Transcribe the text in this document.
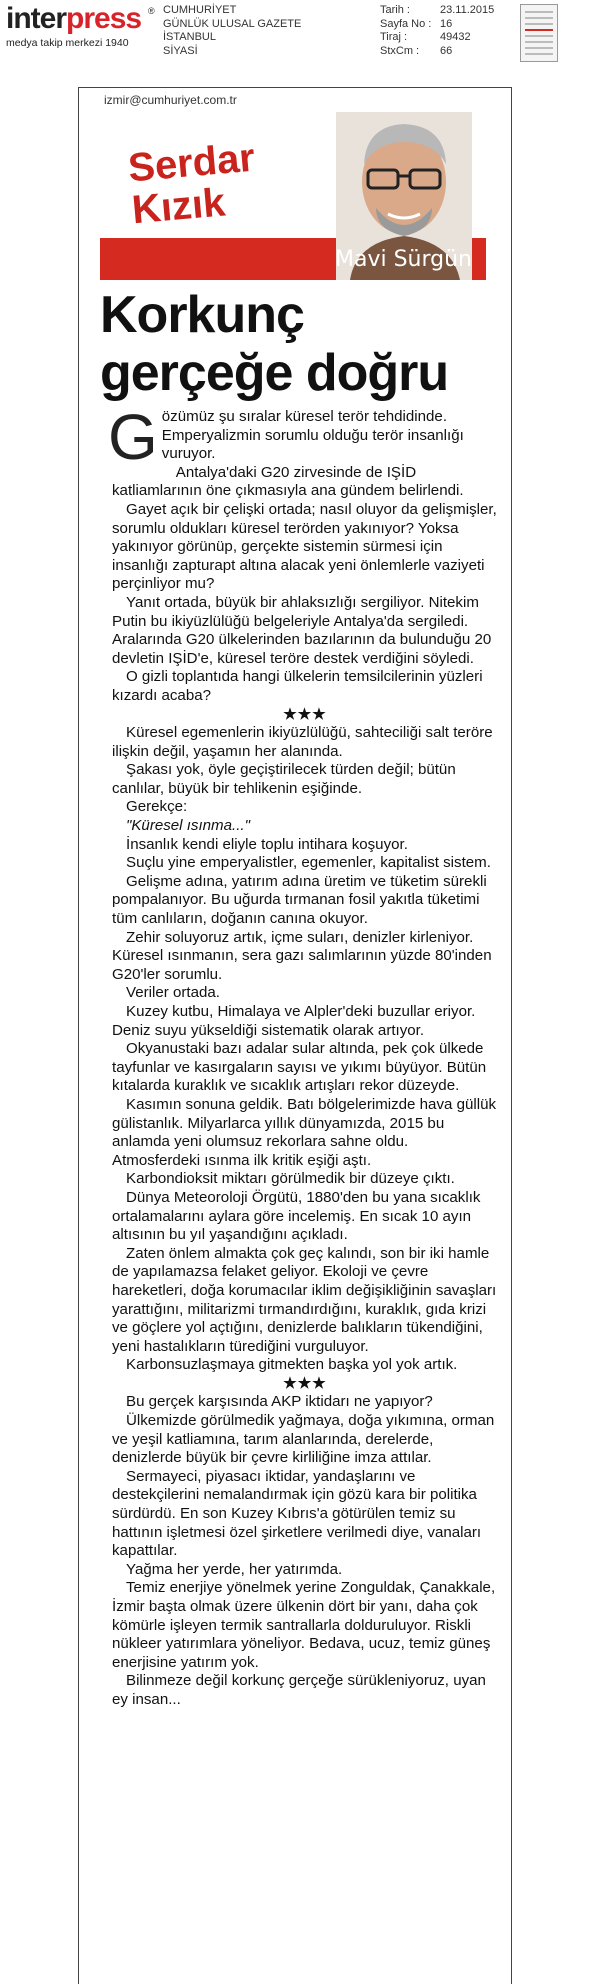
interpress ®
medya takip merkezi 1940
CUMHURİYET
GÜNLÜK ULUSAL GAZETE
İSTANBUL
SİYASİ
Tarih :	23.11.2015
Sayfa No : 16
Tiraj :	49432
StxCm :	66
izmir@cumhuriyet.com.tr
Serdar
Kızık
Mavi Sürgün
Korkunç
gerçeğe doğru

Gözümüz şu sıralar küresel terör tehdidinde. Emperyalizmin sorumlu olduğu terör insanlığı vuruyor.

Antalya'daki G20 zirvesinde de IŞİD katliamlarının öne çıkmasıyla ana gündem belirlendi.

Gayet açık bir çelişki ortada; nasıl oluyor da gelişmişler, sorumlu oldukları küresel terörden yakınıyor? Yoksa yakınıyor görünüp, gerçekte sistemin sürmesi için insanlığı zapturapt altına alacak yeni önlemlerle vaziyeti perçinliyor mu?

Yanıt ortada, büyük bir ahlaksızlığı sergiliyor. Nitekim Putin bu ikiyüzlülüğü belgeleriyle Antalya'da sergiledi. Aralarında G20 ülkelerinden bazılarının da bulunduğu 20 devletin IŞİD'e, küresel teröre destek verdiğini söyledi.

O gizli toplantıda hangi ülkelerin temsilcilerinin yüzleri kızardı acaba?

★★★

Küresel egemenlerin ikiyüzlülüğü, sahteciliği salt teröre ilişkin değil, yaşamın her alanında.

Şakası yok, öyle geçiştirilecek türden değil; bütün canlılar, büyük bir tehlikenin eşiğinde.

Gerekçe:

"Küresel ısınma..."

İnsanlık kendi eliyle toplu intihara koşuyor.

Suçlu yine emperyalistler, egemenler, kapitalist sistem.

Gelişme adına, yatırım adına üretim ve tüketim sürekli pompalanıyor. Bu uğurda tırmanan fosil yakıtla tüketimi tüm canlıların, doğanın canına okuyor.

Zehir soluyoruz artık, içme suları, denizler kirleniyor. Küresel ısınmanın, sera gazı salımlarının yüzde 80'inden G20'ler sorumlu.

Veriler ortada.

Kuzey kutbu, Himalaya ve Alpler'deki buzullar eriyor. Deniz suyu yükseldiği sistematik olarak artıyor.

Okyanustaki bazı adalar sular altında, pek çok ülkede tayfunlar ve kasırgaların sayısı ve yıkımı büyüyor. Bütün kıtalarda kuraklık ve sıcaklık artışları rekor düzeyde.

Kasımın sonuna geldik. Batı bölgelerimizde hava güllük gülistanlık. Milyarlarca yıllık dünyamızda, 2015 bu anlamda yeni olumsuz rekorlara sahne oldu. Atmosferdeki ısınma ilk kritik eşiği aştı.

Karbondioksit miktarı görülmedik bir düzeye çıktı.

Dünya Meteoroloji Örgütü, 1880'den bu yana sıcaklık ortalamalarını aylara göre incelemiş. En sıcak 10 ayın altısının bu yıl yaşandığını açıkladı.

Zaten önlem almakta çok geç kalındı, son bir iki hamle de yapılamazsa felaket geliyor. Ekoloji ve çevre hareketleri, doğa korumacılar iklim değişikliğinin savaşları yarattığını, militarizmi tırmandırdığını, kuraklık, gıda krizi ve göçlere yol açtığını, denizlerde balıkların tükendiğini, yeni hastalıkların türediğini vurguluyor.

Karbonsuzlaşmaya gitmekten başka yol yok artık.

★★★

Bu gerçek karşısında AKP iktidarı ne yapıyor?

Ülkemizde görülmedik yağmaya, doğa yıkımına, orman ve yeşil katliamına, tarım alanlarında, derelerde, denizlerde büyük bir çevre kirliliğine imza attılar.

Sermayeci, piyasacı iktidar, yandaşlarını ve destekçilerini nemalandırmak için gözü kara bir politika sürdürdü. En son Kuzey Kıbrıs'a götürülen temiz su hattının işletmesi özel şirketlere verilmedi diye, vanaları kapattılar.

Yağma her yerde, her yatırımda.

Temiz enerjiye yönelmek yerine Zonguldak, Çanakkale, İzmir başta olmak üzere ülkenin dört bir yanı, daha çok kömürle işleyen termik santrallarla dolduruluyor. Riskli nükleer yatırımlara yöneliyor. Bedava, ucuz, temiz güneş enerjisine yatırım yok.

Bilinmeze değil korkunç gerçeğe sürükleniyoruz, uyan ey insan...
